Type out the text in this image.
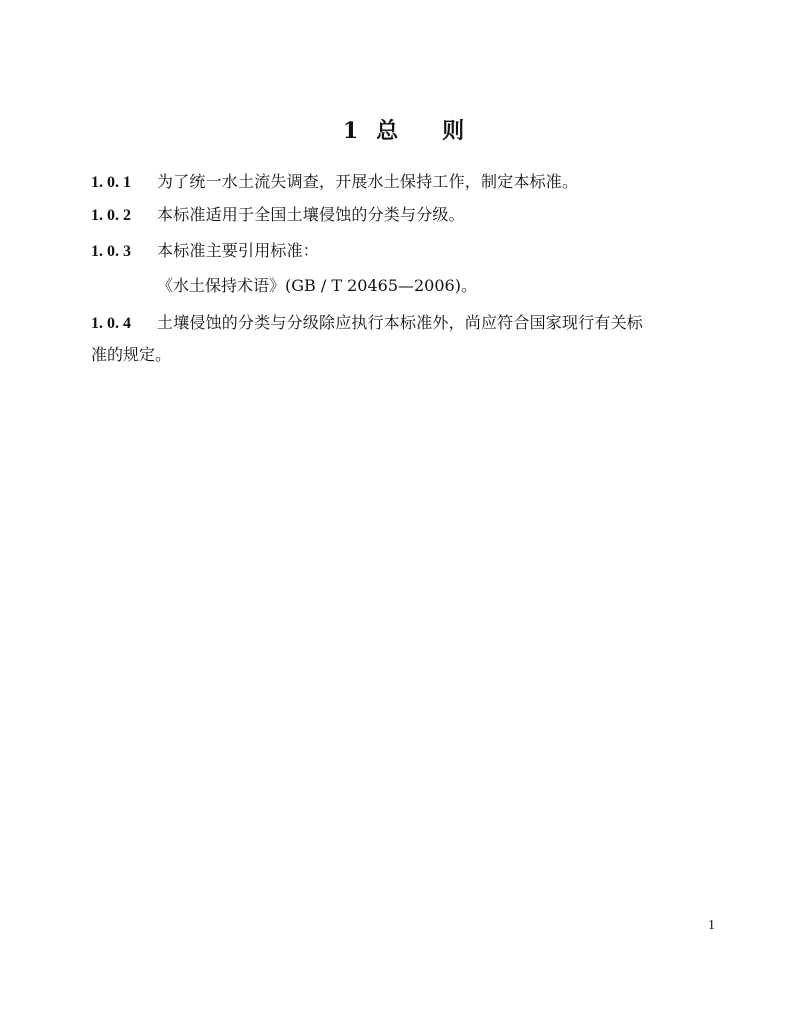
1 总 则
1. 0. 1 为了统一水土流失调查，开展水土保持工作，制定本标准。
1. 0. 2 本标准适用于全国土壤侵蚀的分类与分级。
1. 0. 3 本标准主要引用标准：
《水土保持术语》(GB / T 20465—2006)。
1. 0. 4 土壤侵蚀的分类与分级除应执行本标准外，尚应符合国家现行有关标
准的规定。
1
